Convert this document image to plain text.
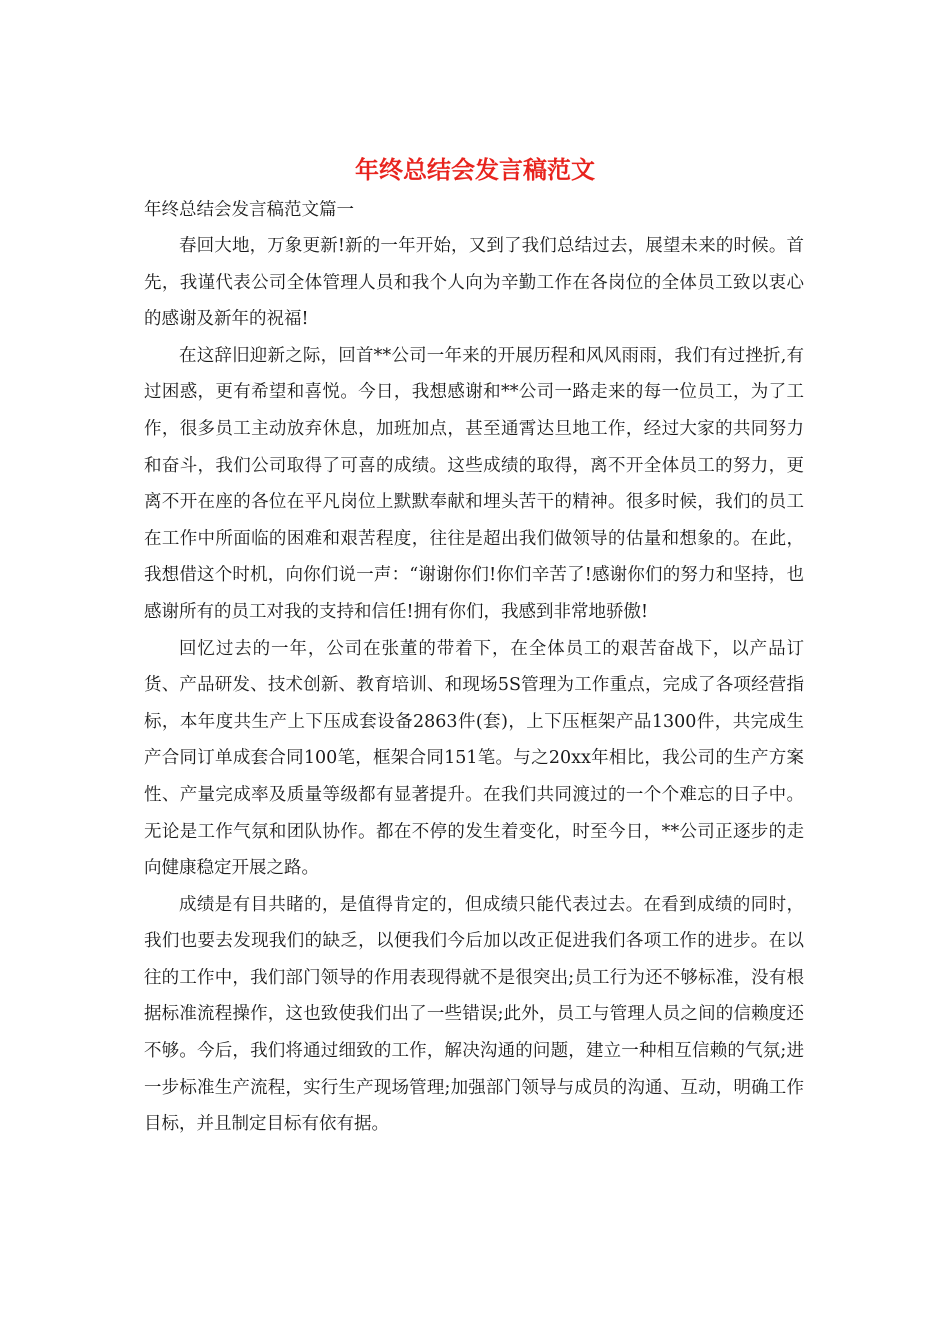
年终总结会发言稿范文

年终总结会发言稿范文篇一

春回大地，万象更新!新的一年开始，又到了我们总结过去，展望未来的时候。首先，我谨代表公司全体管理人员和我个人向为辛勤工作在各岗位的全体员工致以衷心的感谢及新年的祝福!

在这辞旧迎新之际，回首**公司一年来的开展历程和风风雨雨，我们有过挫折,有过困惑，更有希望和喜悦。今日，我想感谢和**公司一路走来的每一位员工，为了工作，很多员工主动放弃休息，加班加点，甚至通霄达旦地工作，经过大家的共同努力和奋斗，我们公司取得了可喜的成绩。这些成绩的取得，离不开全体员工的努力，更离不开在座的各位在平凡岗位上默默奉献和埋头苦干的精神。很多时候，我们的员工在工作中所面临的困难和艰苦程度，往往是超出我们做领导的估量和想象的。在此，我想借这个时机，向你们说一声：“谢谢你们!你们辛苦了!感谢你们的努力和坚持，也感谢所有的员工对我的支持和信任!拥有你们，我感到非常地骄傲!

回忆过去的一年，公司在张董的带着下，在全体员工的艰苦奋战下，以产品订货、产品研发、技术创新、教育培训、和现场5S管理为工作重点，完成了各项经营指标，本年度共生产上下压成套设备2863件(套)，上下压框架产品1300件，共完成生产合同订单成套合同100笔，框架合同151笔。与之20xx年相比，我公司的生产方案性、产量完成率及质量等级都有显著提升。在我们共同渡过的一个个难忘的日子中。无论是工作气氛和团队协作。都在不停的发生着变化，时至今日，**公司正逐步的走向健康稳定开展之路。

成绩是有目共睹的，是值得肯定的，但成绩只能代表过去。在看到成绩的同时，我们也要去发现我们的缺乏，以便我们今后加以改正促进我们各项工作的进步。在以往的工作中，我们部门领导的作用表现得就不是很突出;员工行为还不够标准，没有根据标准流程操作，这也致使我们出了一些错误;此外，员工与管理人员之间的信赖度还不够。今后，我们将通过细致的工作，解决沟通的问题，建立一种相互信赖的气氛;进一步标准生产流程，实行生产现场管理;加强部门领导与成员的沟通、互动，明确工作目标，并且制定目标有依有据。
